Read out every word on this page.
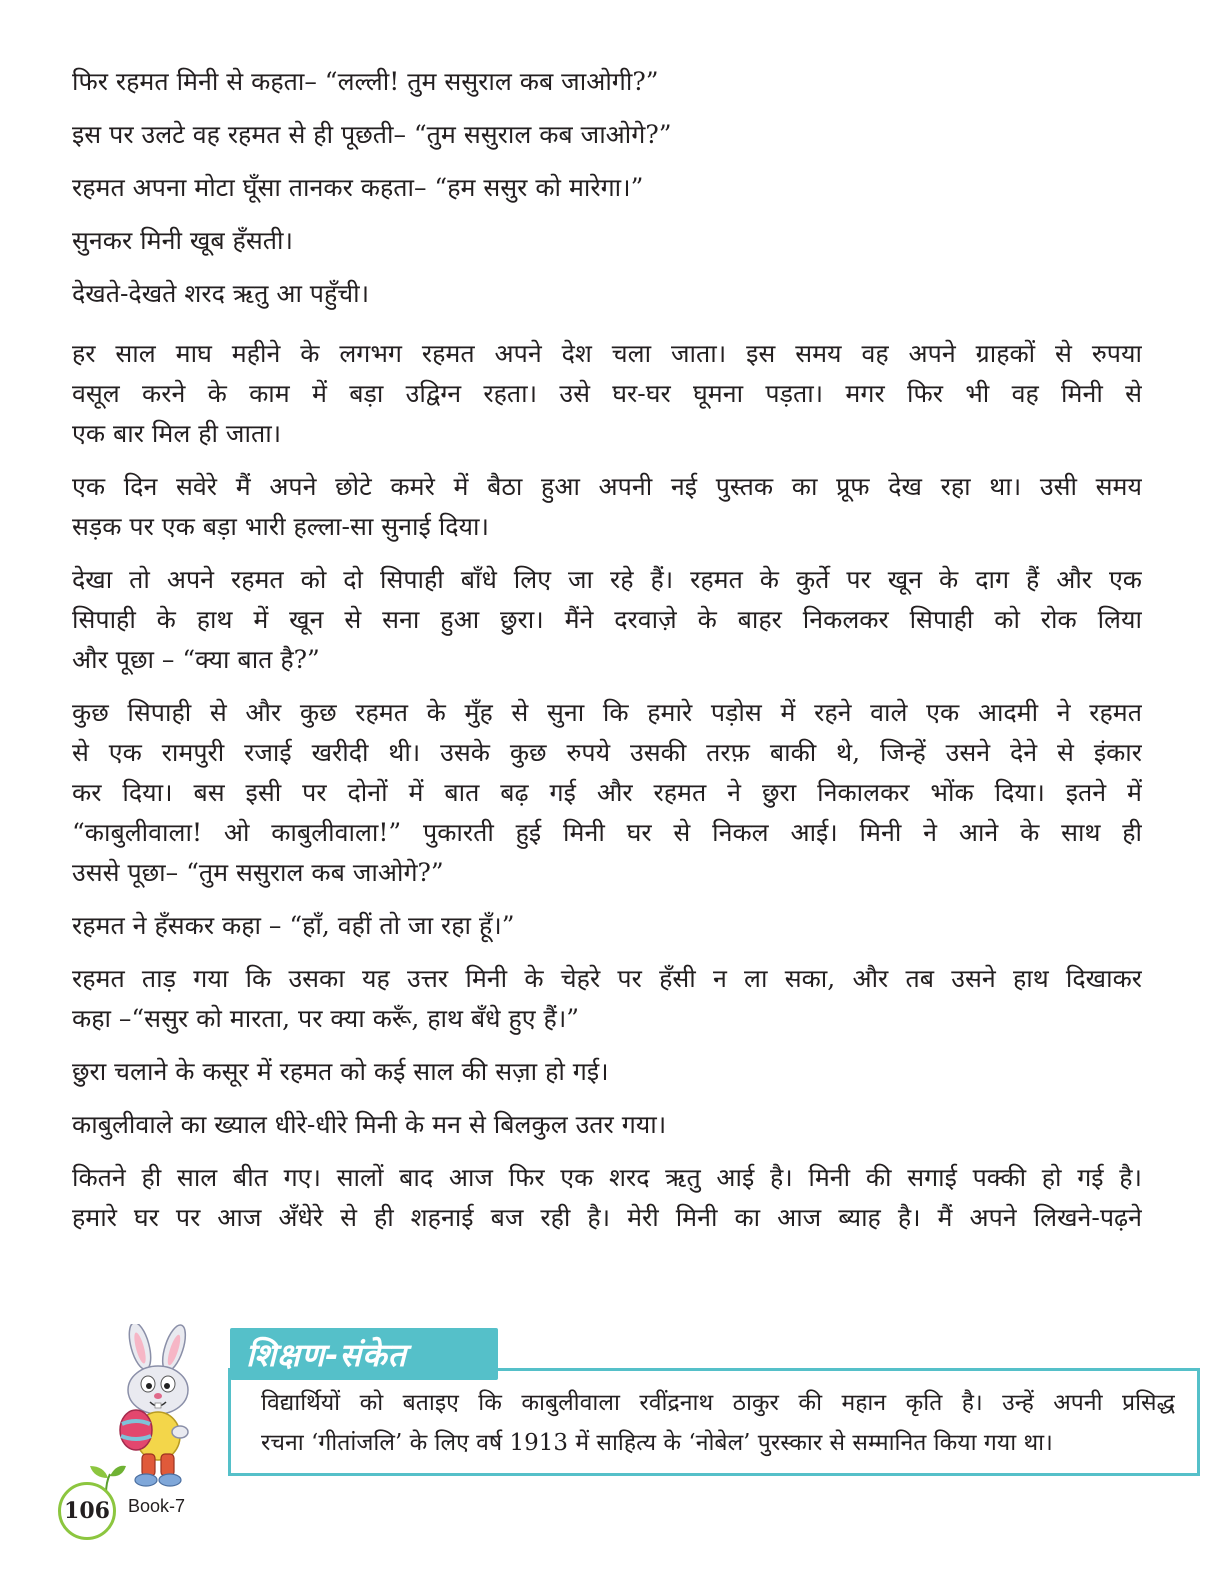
फिर रहमत मिनी से कहता– “लल्ली! तुम ससुराल कब जाओगी?”

इस पर उलटे वह रहमत से ही पूछती– “तुम ससुराल कब जाओगे?”

रहमत अपना मोटा घूँसा तानकर कहता– “हम ससुर को मारेगा।”

सुनकर मिनी खूब हँसती।

देखते-देखते शरद ऋतु आ पहुँची।

हर साल माघ महीने के लगभग रहमत अपने देश चला जाता। इस समय वह अपने ग्राहकों से रुपया
वसूल करने के काम में बड़ा उद्विग्न रहता। उसे घर-घर घूमना पड़ता। मगर फिर भी वह मिनी से
एक बार मिल ही जाता।
एक दिन सवेरे मैं अपने छोटे कमरे में बैठा हुआ अपनी नई पुस्तक का प्रूफ देख रहा था। उसी समय
सड़क पर एक बड़ा भारी हल्ला-सा सुनाई दिया।
देखा तो अपने रहमत को दो सिपाही बाँधे लिए जा रहे हैं। रहमत के कुर्ते पर खून के दाग हैं और एक
सिपाही के हाथ में खून से सना हुआ छुरा। मैंने दरवाज़े के बाहर निकलकर सिपाही को रोक लिया
और पूछा – “क्या बात है?”
कुछ सिपाही से और कुछ रहमत के मुँह से सुना कि हमारे पड़ोस में रहने वाले एक आदमी ने रहमत
से एक रामपुरी रजाई खरीदी थी। उसके कुछ रुपये उसकी तरफ़ बाकी थे, जिन्हें उसने देने से इंकार
कर दिया। बस इसी पर दोनों में बात बढ़ गई और रहमत ने छुरा निकालकर भोंक दिया। इतने में
“काबुलीवाला! ओ काबुलीवाला!” पुकारती हुई मिनी घर से निकल आई। मिनी ने आने के साथ ही
उससे पूछा– “तुम ससुराल कब जाओगे?”
रहमत ने हँसकर कहा – “हाँ, वहीं तो जा रहा हूँ।”
रहमत ताड़ गया कि उसका यह उत्तर मिनी के चेहरे पर हँसी न ला सका, और तब उसने हाथ दिखाकर
कहा –“ससुर को मारता, पर क्या करूँ, हाथ बँधे हुए हैं।”
छुरा चलाने के कसूर में रहमत को कई साल की सज़ा हो गई।
काबुलीवाले का ख्याल धीरे-धीरे मिनी के मन से बिलकुल उतर गया।
कितने ही साल बीत गए। सालों बाद आज फिर एक शरद ऋतु आई है। मिनी की सगाई पक्की हो गई है।
हमारे घर पर आज अँधेरे से ही शहनाई बज रही है। मेरी मिनी का आज ब्याह है। मैं अपने लिखने-पढ़ने
विद्यार्थियों को बताइए कि काबुलीवाला रवींद्रनाथ ठाकुर की महान कृति है। उन्हें अपनी प्रसिद्ध
रचना ‘गीतांजलि’ के लिए वर्ष 1913 में साहित्य के ‘नोबेल’ पुरस्कार से सम्मानित किया गया था।
शिक्षण-संकेत
106 Book-7
